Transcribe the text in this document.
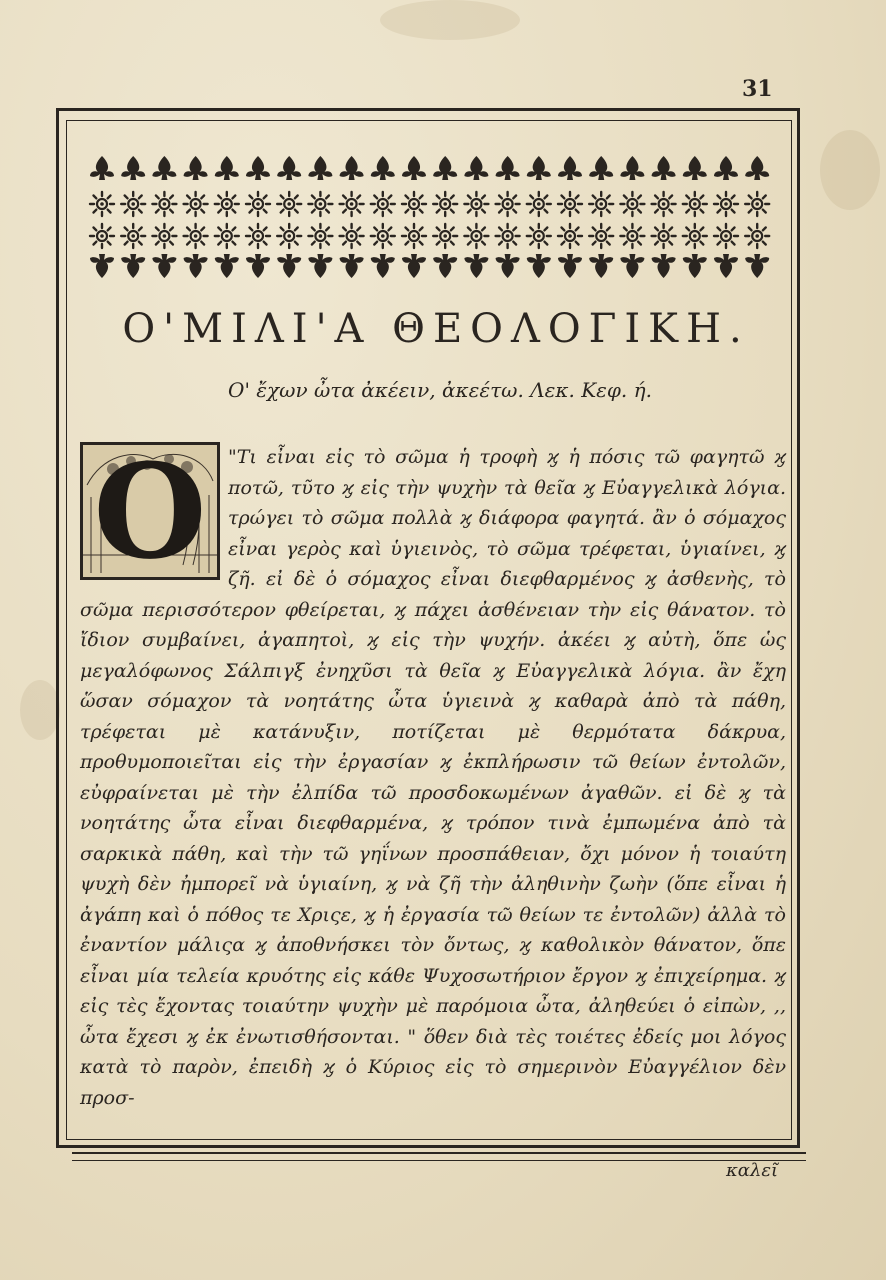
31
Ο'ΜΙΛΙ'Α ΘΕΟΛΟΓΙΚΗ.
Ο' ἔχων ὦτα ἀκέειν, ἀκεέτω. Λεκ. Κεφ. ή.
O	"Τι εἶναι εἰς τὸ σῶμα ἡ τροφὴ ϗ ἡ πόσις τῶ φαγητῶ ϗ ποτῶ, τῦτο ϗ εἰς τὴν ψυχὴν τὰ θεῖα ϗ Εὐαγγελικὰ λόγια. τρώγει τὸ σῶμα πολλὰ ϗ διάφορα φαγητά. ἂν ὁ σόμαχος εἶναι γερὸς καὶ ὑγιεινὸς, τὸ σῶμα τρέφεται, ὑγιαίνει, ϗ ζῆ. εἰ δὲ ὁ σόμαχος εἶναι διεφθαρμένος ϗ ἀσθενὴς, τὸ σῶμα περισσότερον φθείρεται, ϗ πάχει ἀσθένειαν τὴν εἰς θάνατον. τὸ ἴδιον συμβαίνει, ἀγαπητοὶ, ϗ εἰς τὴν ψυχήν. ἀκέει ϗ αὐτὴ, ὅπε ὡς μεγαλόφωνος Σάλπιγξ ἐνηχῦσι τὰ θεῖα ϗ Εὐαγγελικὰ λόγια. ἂν ἔχη ὥσαν σόμαχον τὰ νοητάτης ὦτα ὑγιεινὰ ϗ καθαρὰ ἀπὸ τὰ πάθη, τρέφεται μὲ κατάνυξιν, ποτίζεται μὲ θερμότατα δάκρυα, προθυμοποιεῖται εἰς τὴν ἐργασίαν ϗ ἐκπλήρωσιν τῶ θείων ἐντολῶν, εὐφραίνεται μὲ τὴν ἐλπίδα τῶ προσδοκωμένων ἀγαθῶν. εἰ δὲ ϗ τὰ νοητάτης ὦτα εἶναι διεφθαρμένα, ϗ τρόπον τινὰ ἐμπωμένα ἀπὸ τὰ σαρκικὰ πάθη, καὶ τὴν τῶ γηΐνων προσπάθειαν, ὄχι μόνον ἡ τοιαύτη ψυχὴ δὲν ἠμπορεῖ νὰ ὑγιαίνη, ϗ νὰ ζῆ τὴν ἀληθινὴν ζωὴν (ὅπε εἶναι ἡ ἀγάπη καὶ ὁ πόθος τε Χριςε, ϗ ἡ ἐργασία τῶ θείων τε ἐντολῶν) ἀλλὰ τὸ ἐναντίον μάλιςα ϗ ἀποθνήσκει τὸν ὄντως, ϗ καθολικὸν θάνατον, ὅπε εἶναι μία τελεία κρυότης εἰς κάθε Ψυχοσωτήριον ἔργον ϗ ἐπιχείρημα. ϗ εἰς τὲς ἔχοντας τοιαύτην ψυχὴν μὲ παρόμοια ὦτα, ἀληθεύει ὁ εἰπὼν, ,, ὦτα ἔχεσι ϗ ἐκ ἐνωτισθήσονται. " ὅθεν διὰ τὲς τοιέτες ἐδείς μοι λόγος κατὰ τὸ παρὸν, ἐπειδὴ ϗ ὁ Κύριος εἰς τὸ σημερινὸν Εὐαγγέλιον δὲν προσ-
καλεῖ
